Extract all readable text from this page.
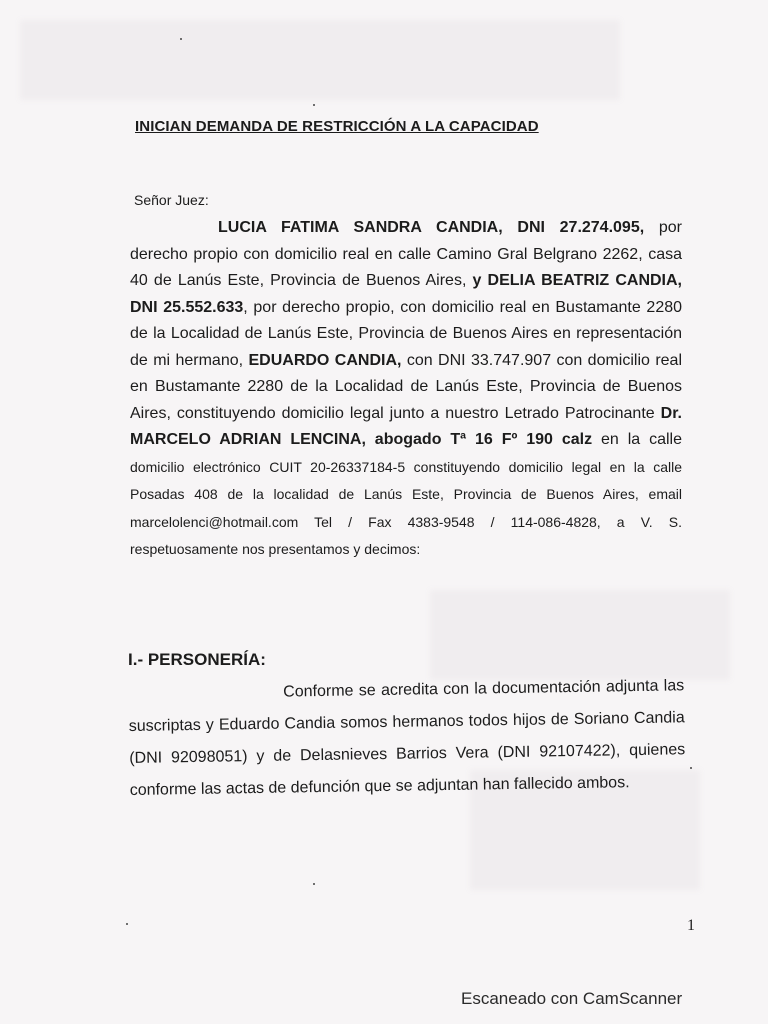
INICIAN DEMANDA DE RESTRICCIÓN A LA CAPACIDAD

Señor Juez:

LUCIA FATIMA SANDRA CANDIA, DNI 27.274.095, por derecho propio con domicilio real en calle Camino Gral Belgrano 2262, casa 40 de Lanús Este, Provincia de Buenos Aires, y DELIA BEATRIZ CANDIA, DNI 25.552.633, por derecho propio, con domicilio real en Bustamante 2280 de la Localidad de Lanús Este, Provincia de Buenos Aires en representación de mi hermano, EDUARDO CANDIA, con DNI 33.747.907 con domicilio real en Bustamante 2280 de la Localidad de Lanús Este, Provincia de Buenos Aires, constituyendo domicilio legal junto a nuestro Letrado Patrocinante Dr. MARCELO ADRIAN LENCINA, abogado Tª 16 Fº 190 calz en la calle domicilio electrónico CUIT 20-26337184-5 constituyendo domicilio legal en la calle Posadas 408 de la localidad de Lanús Este, Provincia de Buenos Aires, email marcelolenci@hotmail.com Tel / Fax 4383-9548 / 114-086-4828, a V. S. respetuosamente nos presentamos y decimos:

I.- PERSONERÍA:

Conforme se acredita con la documentación adjunta las suscriptas y Eduardo Candia somos hermanos todos hijos de Soriano Candia (DNI 92098051) y de Delasnieves Barrios Vera (DNI 92107422), quienes conforme las actas de defunción que se adjuntan han fallecido ambos.

1
Escaneado con CamScanner
